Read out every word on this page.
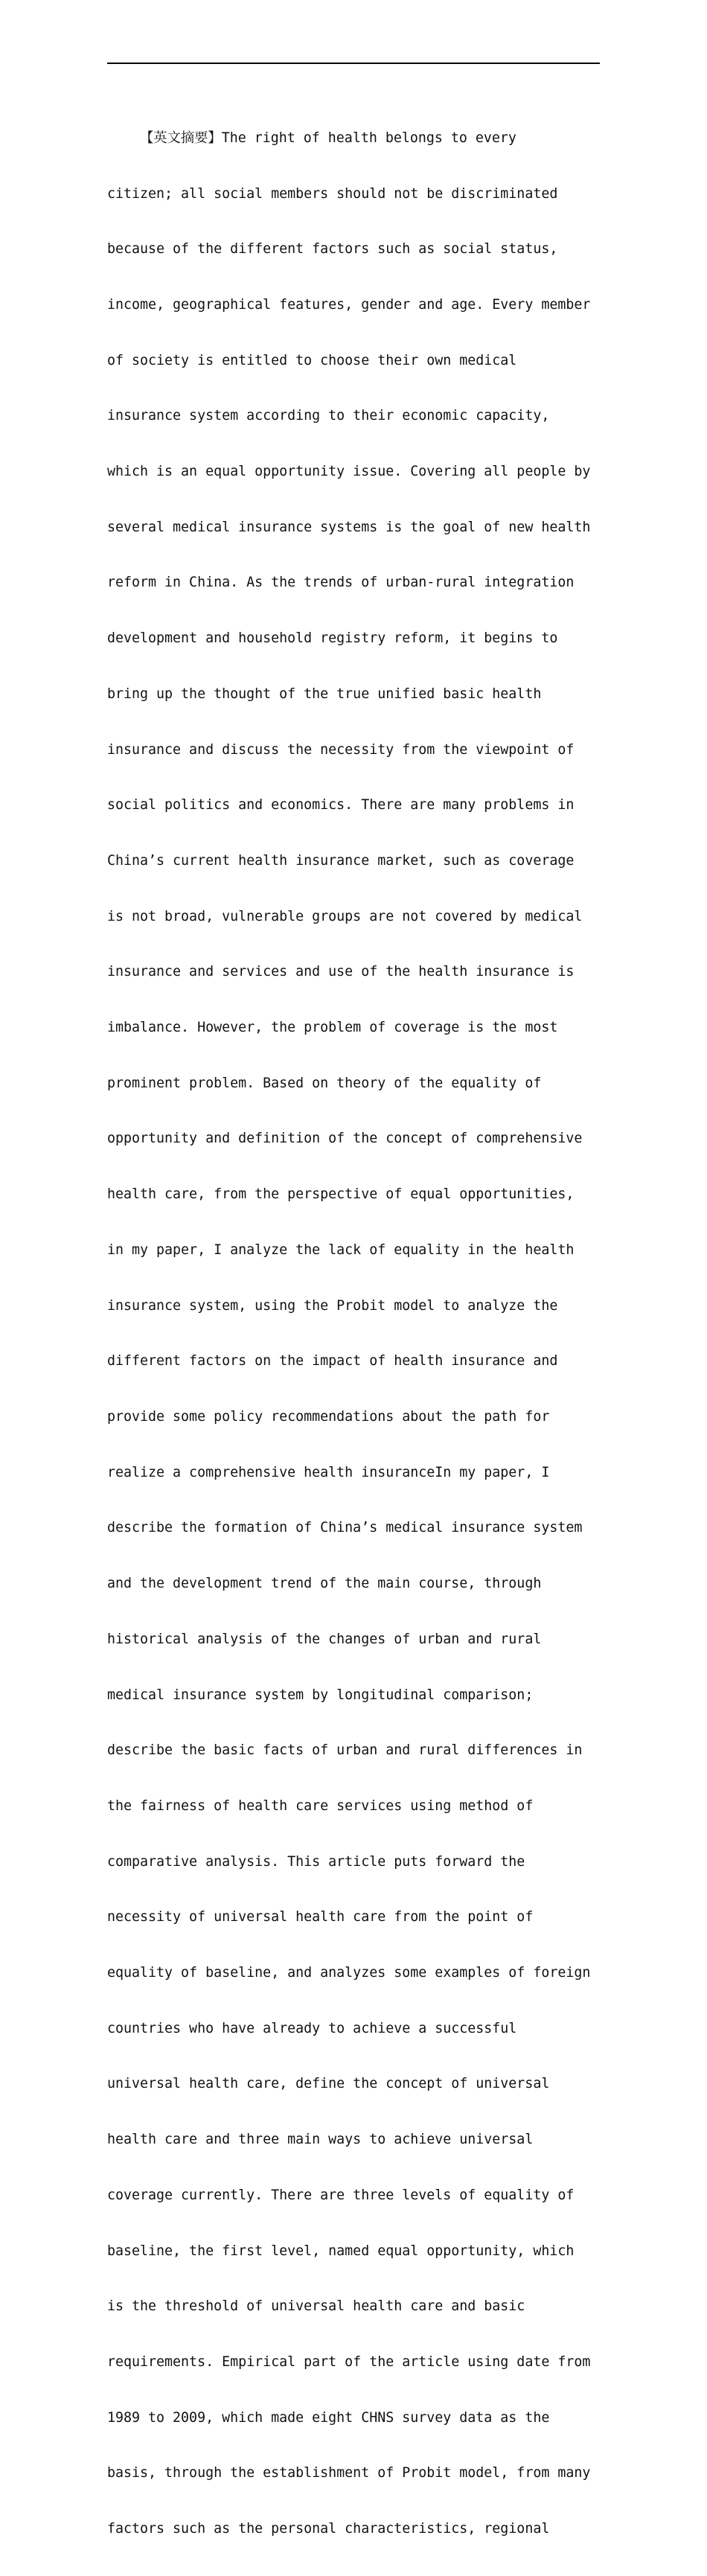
【英文摘要】The right of health belongs to every

citizen; all social members should not be discriminated

because of the different factors such as social status,

income, geographical features, gender and age. Every member

of society is entitled to choose their own medical

insurance system according to their economic capacity,

which is an equal opportunity issue. Covering all people by

several medical insurance systems is the goal of new health

reform in China. As the trends of urban-rural integration

development and household registry reform, it begins to

bring up the thought of the true unified basic health

insurance and discuss the necessity from the viewpoint of

social politics and economics. There are many problems in

China’s current health insurance market, such as coverage

is not broad, vulnerable groups are not covered by medical

insurance and services and use of the health insurance is

imbalance. However, the problem of coverage is the most

prominent problem. Based on theory of the equality of

opportunity and definition of the concept of comprehensive

health care, from the perspective of equal opportunities,

in my paper, I analyze the lack of equality in the health

insurance system, using the Probit model to analyze the

different factors on the impact of health insurance and

provide some policy recommendations about the path for

realize a comprehensive health insuranceIn my paper, I

describe the formation of China’s medical insurance system

and the development trend of the main course, through

historical analysis of the changes of urban and rural

medical insurance system by longitudinal comparison;

describe the basic facts of urban and rural differences in

the fairness of health care services using method of

comparative analysis. This article puts forward the

necessity of universal health care from the point of

equality of baseline, and analyzes some examples of foreign

countries who have already to achieve a successful

universal health care, define the concept of universal

health care and three main ways to achieve universal

coverage currently. There are three levels of equality of

baseline, the first level, named equal opportunity, which

is the threshold of universal health care and basic

requirements. Empirical part of the article using date from

1989 to 2009, which made eight CHNS survey data as the

basis, through the establishment of Probit model, from many

factors such as the personal characteristics, regional
